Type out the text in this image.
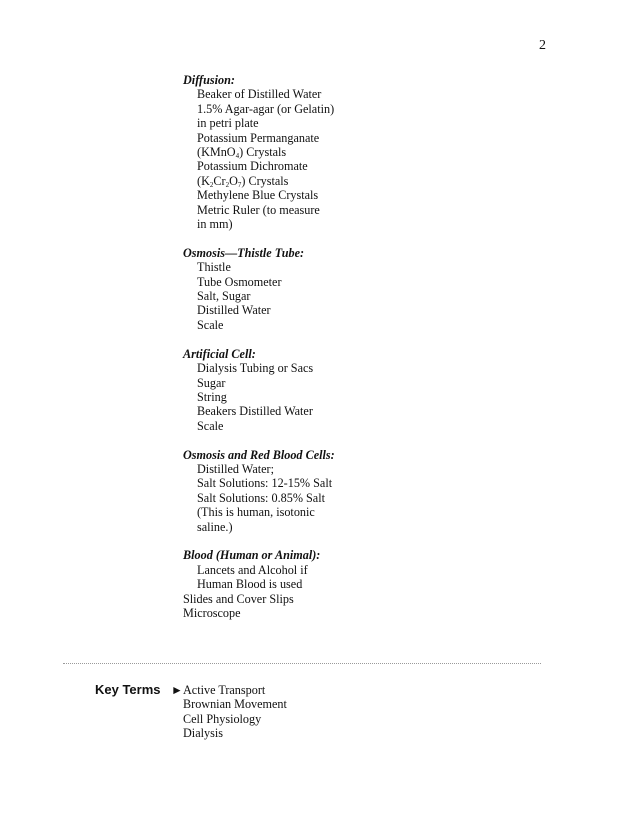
2
Diffusion:
Beaker of Distilled Water
1.5% Agar-agar (or Gelatin)
in petri plate
Potassium Permanganate
(KMnO$_4$) Crystals
Potassium Dichromate
$(K_2Cr_2O_7)$ Crystals
Methylene Blue Crystals
Metric Ruler (to measure
in mm)
Osmosis—Thistle Tube:
Thistle
Tube Osmometer
Salt, Sugar
Distilled Water
Scale
Artificial Cell:
Dialysis Tubing or Sacs
Sugar
String
Beakers Distilled Water
Scale
Osmosis and Red Blood Cells:
Distilled Water;
Salt Solutions: 12-15% Salt
Salt Solutions: 0.85% Salt
(This is human, isotonic
saline.)
Blood (Human or Animal):
Lancets and Alcohol if
Human Blood is used
Slides and Cover Slips
Microscope
Key Terms ► Active Transport
Brownian Movement
Cell Physiology
Dialysis
